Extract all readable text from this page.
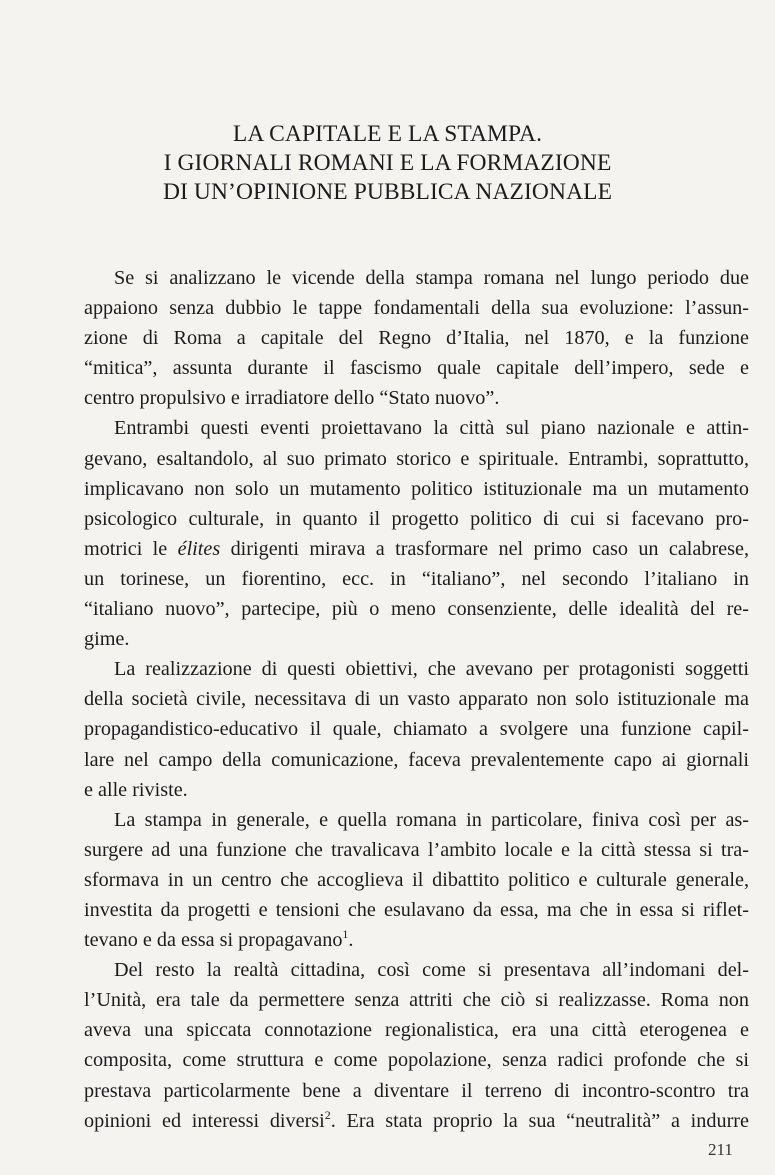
LA CAPITALE E LA STAMPA.
I GIORNALI ROMANI E LA FORMAZIONE
DI UN’OPINIONE PUBBLICA NAZIONALE
Se si analizzano le vicende della stampa romana nel lungo periodo due
appaiono senza dubbio le tappe fondamentali della sua evoluzione: l’assun-
zione di Roma a capitale del Regno d’Italia, nel 1870, e la funzione
“mitica”, assunta durante il fascismo quale capitale dell’impero, sede e
centro propulsivo e irradiatore dello “Stato nuovo”.
Entrambi questi eventi proiettavano la città sul piano nazionale e attin-
gevano, esaltandolo, al suo primato storico e spirituale. Entrambi, soprattutto,
implicavano non solo un mutamento politico istituzionale ma un mutamento
psicologico culturale, in quanto il progetto politico di cui si facevano pro-
motrici le élites dirigenti mirava a trasformare nel primo caso un calabrese,
un torinese, un fiorentino, ecc. in “italiano”, nel secondo l’italiano in
“italiano nuovo”, partecipe, più o meno consenziente, delle idealità del re-
gime.
La realizzazione di questi obiettivi, che avevano per protagonisti soggetti
della società civile, necessitava di un vasto apparato non solo istituzionale ma
propagandistico-educativo il quale, chiamato a svolgere una funzione capil-
lare nel campo della comunicazione, faceva prevalentemente capo ai giornali
e alle riviste.
La stampa in generale, e quella romana in particolare, finiva così per as-
surgere ad una funzione che travalicava l’ambito locale e la città stessa si tra-
sformava in un centro che accoglieva il dibattito politico e culturale generale,
investita da progetti e tensioni che esulavano da essa, ma che in essa si riflet-
tevano e da essa si propagavano$^1$.
Del resto la realtà cittadina, così come si presentava all’indomani del-
l’Unità, era tale da permettere senza attriti che ciò si realizzasse. Roma non
aveva una spiccata connotazione regionalistica, era una città eterogenea e
composita, come struttura e come popolazione, senza radici profonde che si
prestava particolarmente bene a diventare il terreno di incontro-scontro tra
opinioni ed interessi diversi$^2$. Era stata proprio la sua “neutralità” a indurre
211
